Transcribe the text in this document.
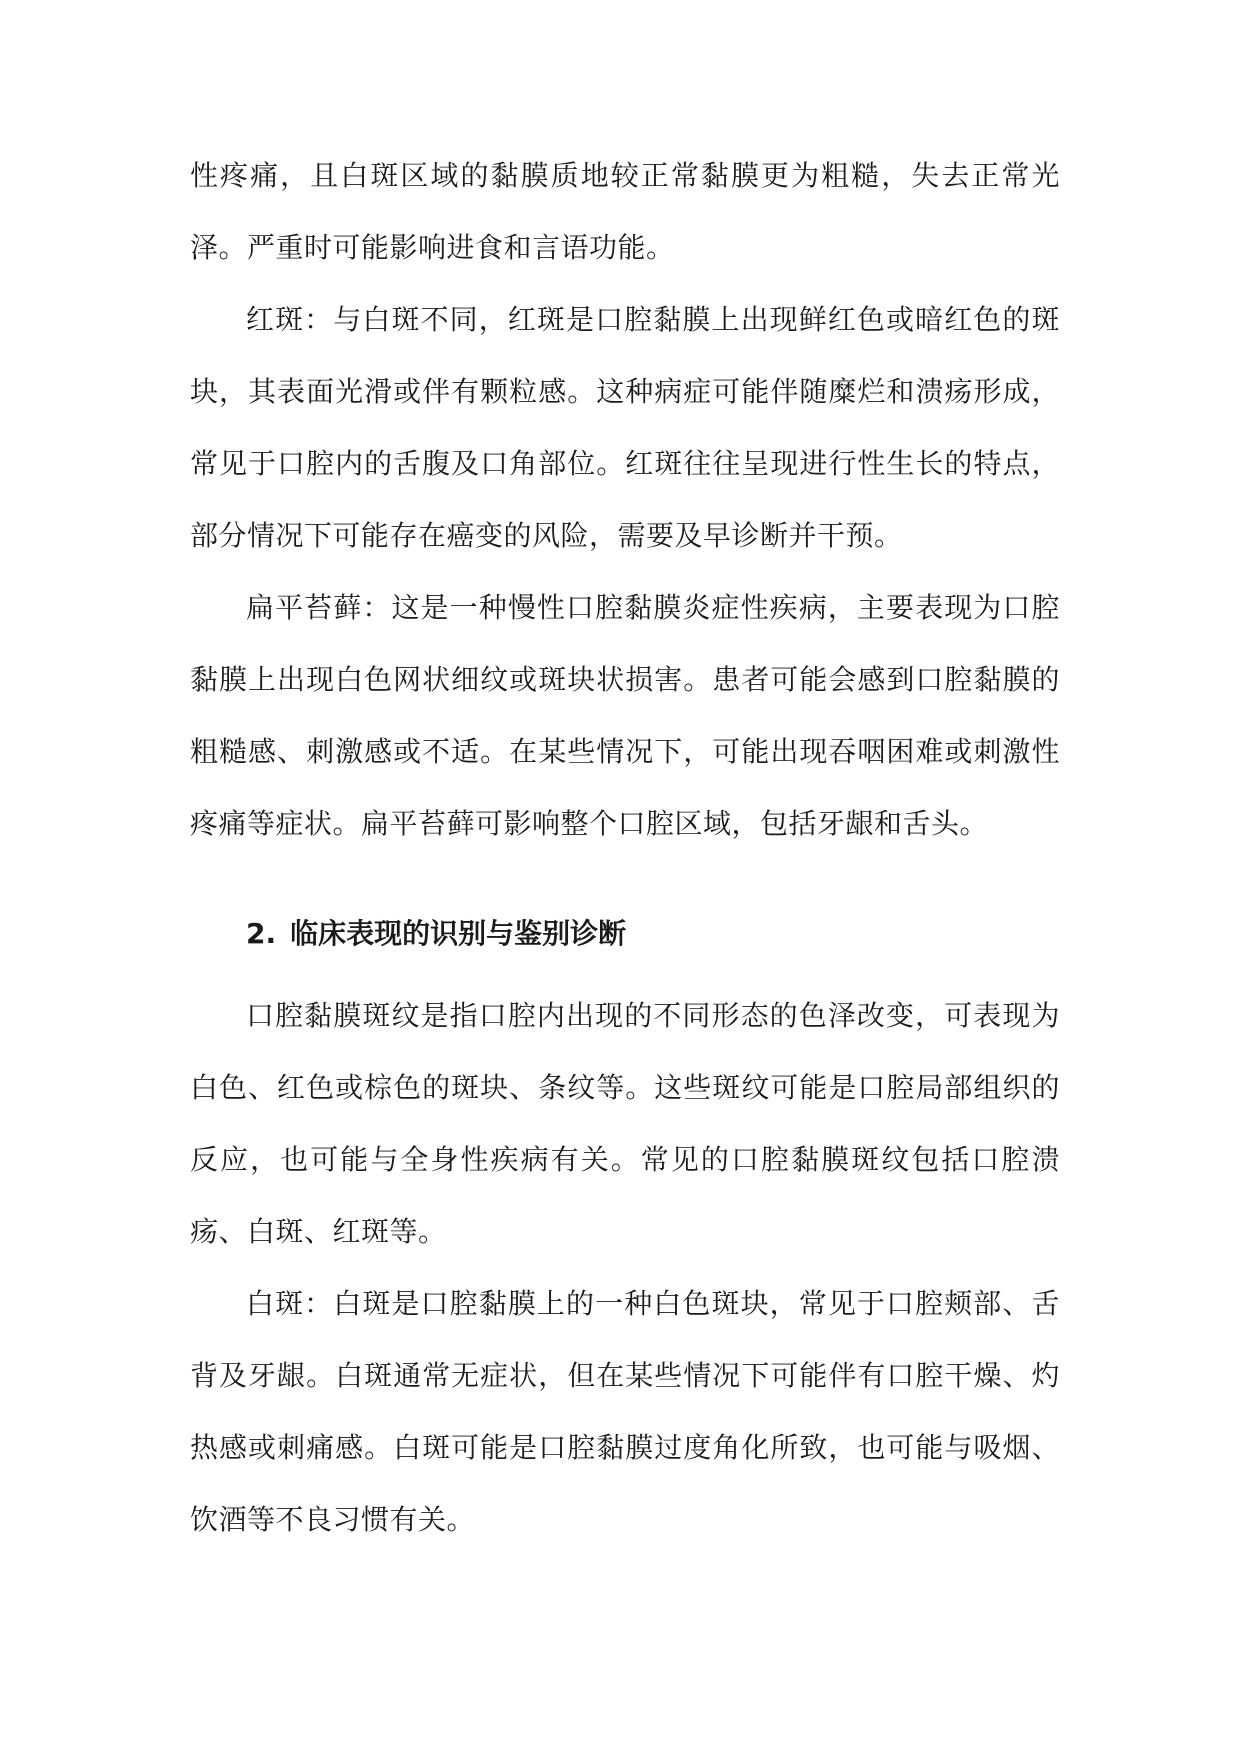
性疼痛，且白斑区域的黏膜质地较正常黏膜更为粗糙，失去正常光泽。严重时可能影响进食和言语功能。

红斑：与白斑不同，红斑是口腔黏膜上出现鲜红色或暗红色的斑块，其表面光滑或伴有颗粒感。这种病症可能伴随糜烂和溃疡形成，常见于口腔内的舌腹及口角部位。红斑往往呈现进行性生长的特点，部分情况下可能存在癌变的风险，需要及早诊断并干预。

扁平苔藓：这是一种慢性口腔黏膜炎症性疾病，主要表现为口腔黏膜上出现白色网状细纹或斑块状损害。患者可能会感到口腔黏膜的粗糙感、刺激感或不适。在某些情况下，可能出现吞咽困难或刺激性疼痛等症状。扁平苔藓可影响整个口腔区域，包括牙龈和舌头。

2. 临床表现的识别与鉴别诊断

口腔黏膜斑纹是指口腔内出现的不同形态的色泽改变，可表现为白色、红色或棕色的斑块、条纹等。这些斑纹可能是口腔局部组织的反应，也可能与全身性疾病有关。常见的口腔黏膜斑纹包括口腔溃疡、白斑、红斑等。

白斑：白斑是口腔黏膜上的一种白色斑块，常见于口腔颊部、舌背及牙龈。白斑通常无症状，但在某些情况下可能伴有口腔干燥、灼热感或刺痛感。白斑可能是口腔黏膜过度角化所致，也可能与吸烟、饮酒等不良习惯有关。
